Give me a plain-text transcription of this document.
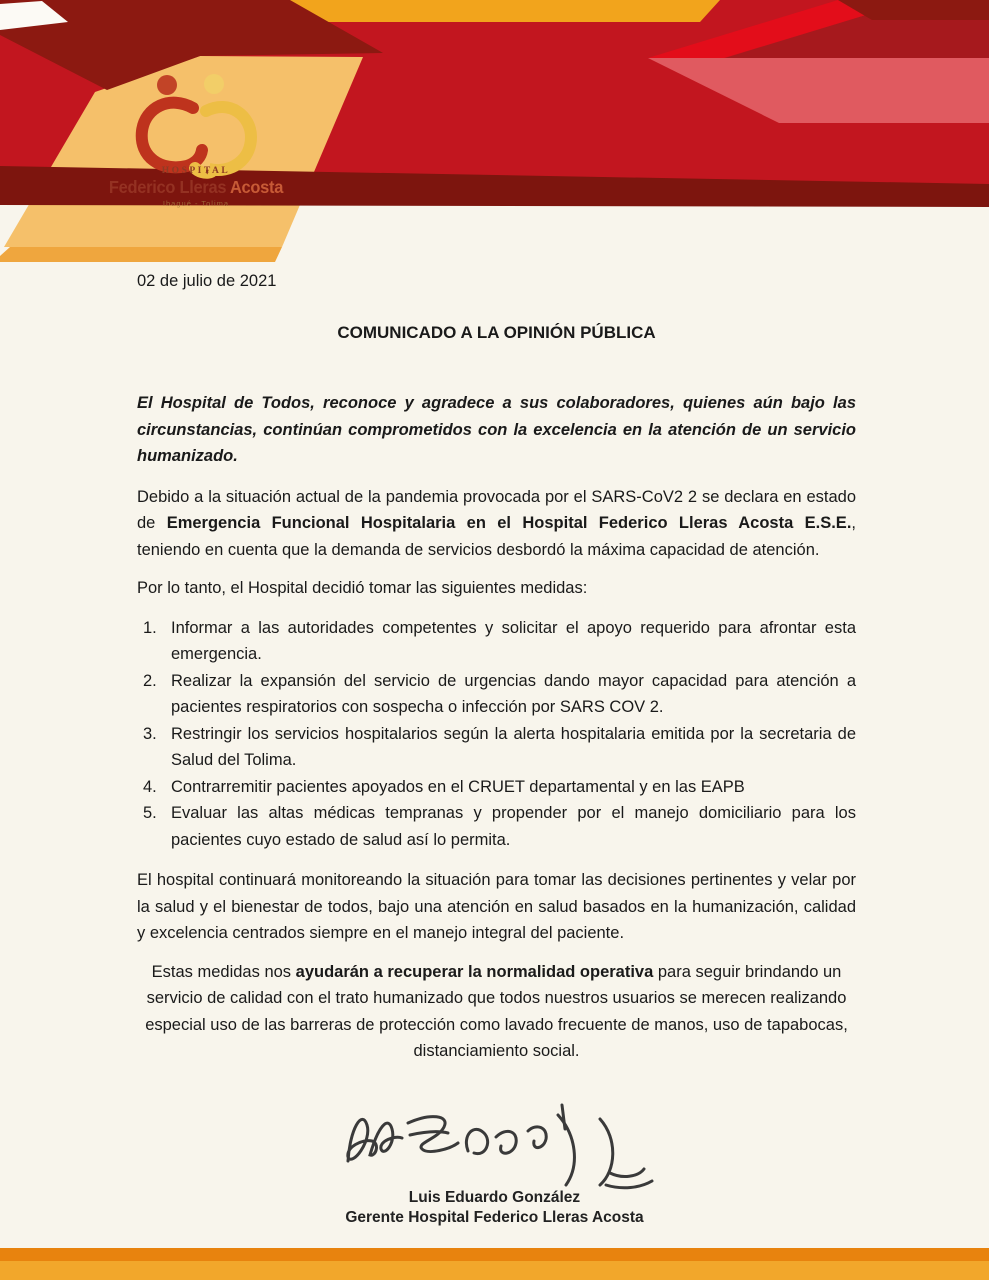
HOSPITAL
Federico Lleras Acosta
Ibagué - Tolima

02 de julio de 2021

COMUNICADO A LA OPINIÓN PÚBLICA

El Hospital de Todos, reconoce y agradece a sus colaboradores, quienes aún bajo las circunstancias, continúan comprometidos con la excelencia en la atención de un servicio humanizado.

Debido a la situación actual de la pandemia provocada por el SARS-CoV2 2 se declara en estado de Emergencia Funcional Hospitalaria en el Hospital Federico Lleras Acosta E.S.E., teniendo en cuenta que la demanda de servicios desbordó la máxima capacidad de atención.

Por lo tanto, el Hospital decidió tomar las siguientes medidas:

1. Informar a las autoridades competentes y solicitar el apoyo requerido para afrontar esta emergencia.
2. Realizar la expansión del servicio de urgencias dando mayor capacidad para atención a pacientes respiratorios con sospecha o infección por SARS COV 2.
3. Restringir los servicios hospitalarios según la alerta hospitalaria emitida por la secretaria de Salud del Tolima.
4. Contrarremitir pacientes apoyados en el CRUET departamental y en las EAPB
5. Evaluar las altas médicas tempranas y propender por el manejo domiciliario para los pacientes cuyo estado de salud así lo permita.

El hospital continuará monitoreando la situación para tomar las decisiones pertinentes y velar por la salud y el bienestar de todos, bajo una atención en salud basados en la humanización, calidad y excelencia centrados siempre en el manejo integral del paciente.

Estas medidas nos ayudarán a recuperar la normalidad operativa para seguir brindando un servicio de calidad con el trato humanizado que todos nuestros usuarios se merecen realizando especial uso de las barreras de protección como lavado frecuente de manos, uso de tapabocas, distanciamiento social.

Luis Eduardo González
Gerente Hospital Federico Lleras Acosta
